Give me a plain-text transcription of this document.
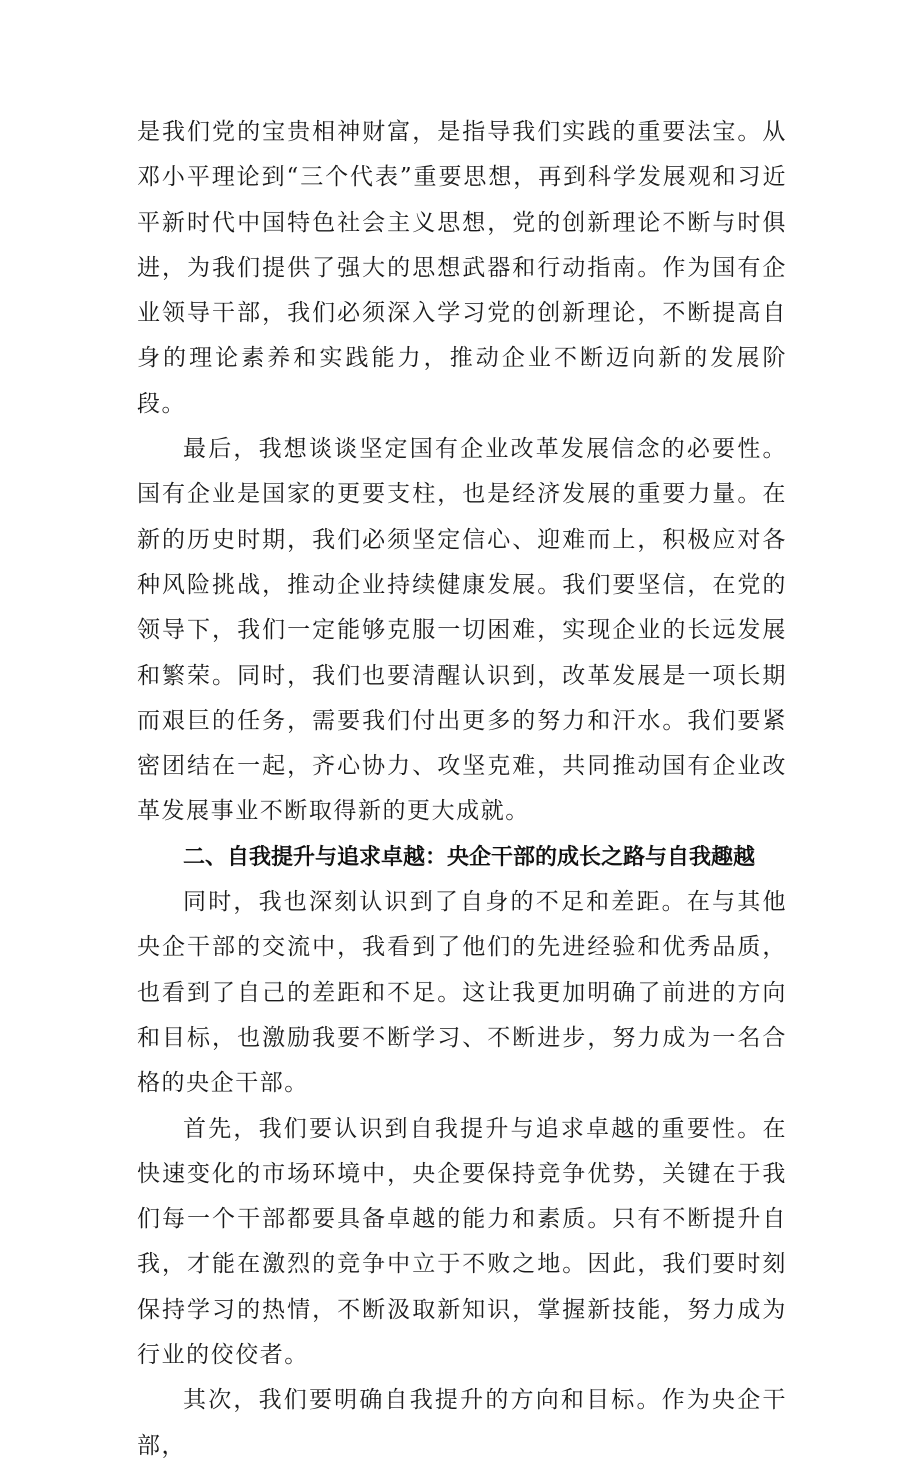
是我们党的宝贵相神财富，是指导我们实践的重要法宝。从邓小平理论到“三个代表”重要思想，再到科学发展观和习近平新时代中国特色社会主义思想，党的创新理论不断与时俱进，为我们提供了强大的思想武器和行动指南。作为国有企业领导干部，我们必须深入学习党的创新理论，不断提高自身的理论素养和实践能力，推动企业不断迈向新的发展阶段。

最后，我想谈谈坚定国有企业改革发展信念的必要性。国有企业是国家的更要支柱，也是经济发展的重要力量。在新的历史时期，我们必须坚定信心、迎难而上，积极应对各种风险挑战，推动企业持续健康发展。我们要坚信，在党的领导下，我们一定能够克服一切困难，实现企业的长远发展和繁荣。同时，我们也要清醒认识到，改革发展是一项长期而艰巨的任务，需要我们付出更多的努力和汗水。我们要紧密团结在一起，齐心协力、攻坚克难，共同推动国有企业改革发展事业不断取得新的更大成就。

二、自我提升与追求卓越：央企干部的成长之路与自我趣越

同时，我也深刻认识到了自身的不足和差距。在与其他央企干部的交流中，我看到了他们的先进经验和优秀品质，也看到了自己的差距和不足。这让我更加明确了前进的方向和目标，也激励我要不断学习、不断进步，努力成为一名合格的央企干部。

首先，我们要认识到自我提升与追求卓越的重要性。在快速变化的市场环境中，央企要保持竞争优势，关键在于我们每一个干部都要具备卓越的能力和素质。只有不断提升自我，才能在激烈的竞争中立于不败之地。因此，我们要时刻保持学习的热情，不断汲取新知识，掌握新技能，努力成为行业的佼佼者。

其次，我们要明确自我提升的方向和目标。作为央企干部，
